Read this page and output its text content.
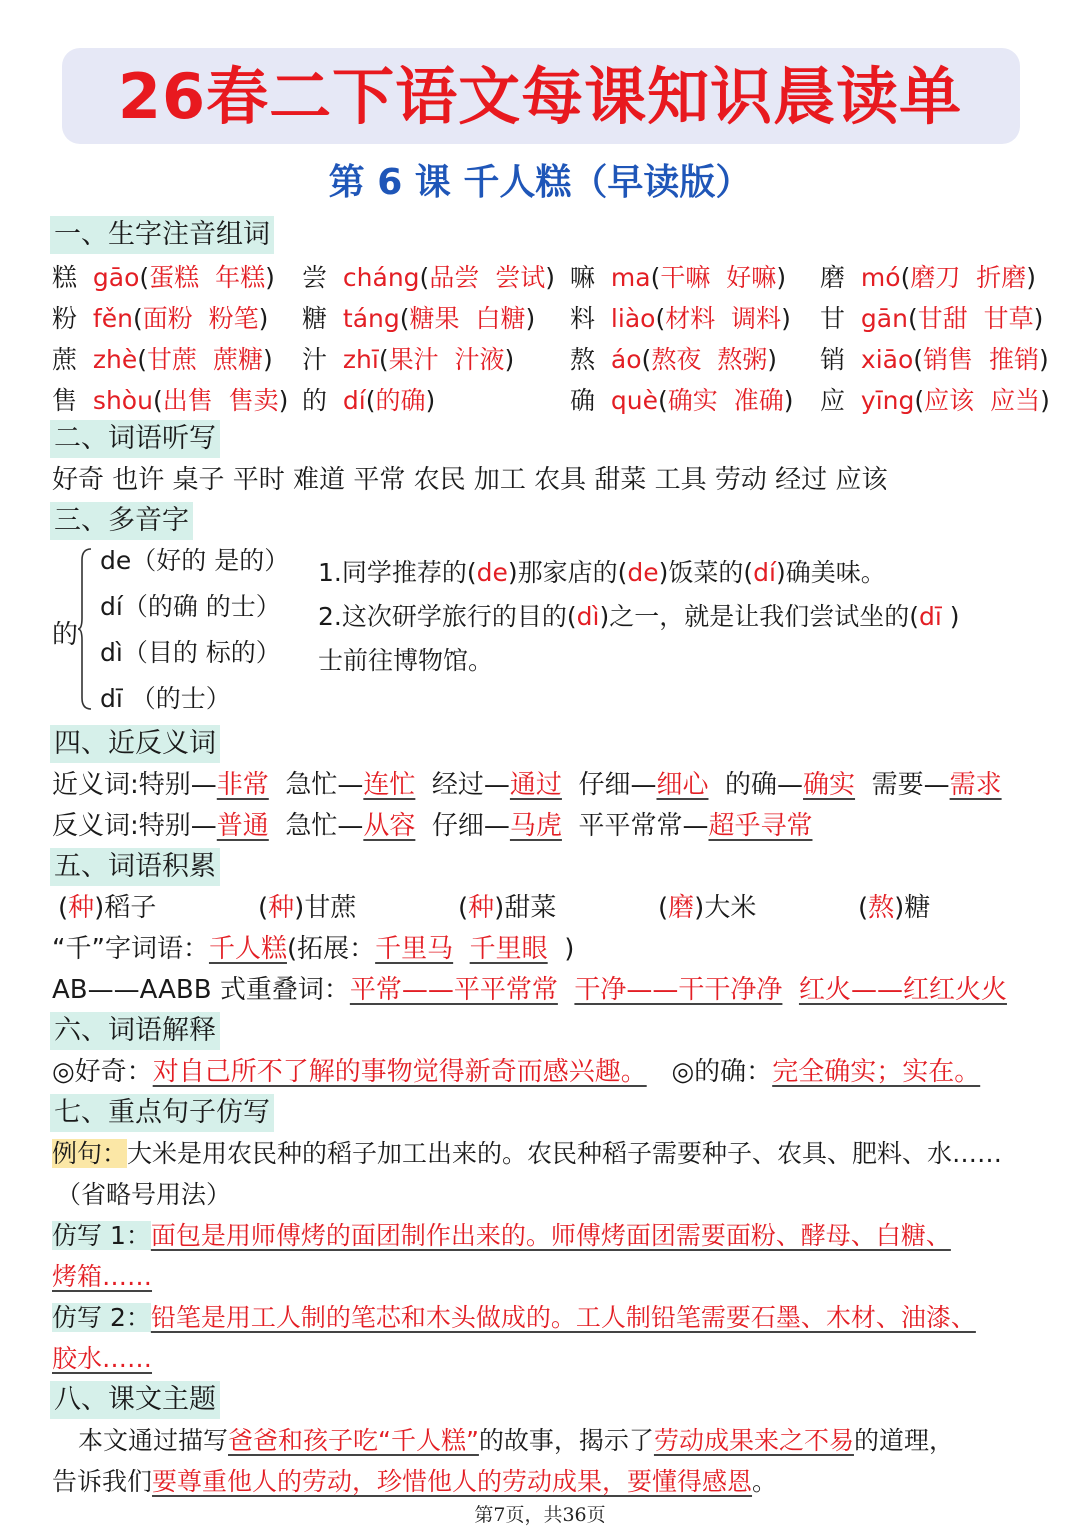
26春二下语文每课知识晨读单
第 6 课 千人糕（早读版）
一、生字注音组词
糕 gāo(蛋糕 年糕) 尝 cháng(品尝 尝试) 嘛 ma(干嘛 好嘛) 磨 mó(磨刀 折磨)
粉 fěn(面粉 粉笔) 糖 táng(糖果 白糖) 料 liào(材料 调料) 甘 gān(甘甜 甘草)
蔗 zhè(甘蔗 蔗糖) 汁 zhī(果汁 汁液) 熬 áo(熬夜 熬粥) 销 xiāo(销售 推销)
售 shòu(出售 售卖) 的 dí(的确)	确 què(确实 准确) 应 yīng(应该 应当)
二、词语听写
好奇 也许 桌子 平时 难道 平常 农民 加工 农具 甜菜 工具 劳动 经过 应该
三、多音字
的
de（好的 是的）
dí（的确 的士）
dì（目的 标的）
dī （的士）
1.同学推荐的(de)那家店的(de)饭菜的(dí)确美味。
2.这次研学旅行的目的(dì)之一，就是让我们尝试坐的(dī )
士前往博物馆。
四、近反义词
近义词:特别—非常 急忙—连忙 经过—通过 仔细—细心 的确—确实 需要—需求
反义词:特别—普通 急忙—从容 仔细—马虎 平平常常—超乎寻常
五、词语积累
(种)稻子	(种)甘蔗	(种)甜菜	(磨)大米	(熬)糖
“千”字词语：千人糕(拓展：千里马 千里眼 )
AB——AABB 式重叠词：平常——平平常常 干净——干干净净 红火——红红火火
六、词语解释
◎好奇：对自己所不了解的事物觉得新奇而感兴趣。 ◎的确：完全确实；实在。
七、重点句子仿写
例句：大米是用农民种的稻子加工出来的。农民种稻子需要种子、农具、肥料、水……
（省略号用法）
仿写 1：面包是用师傅烤的面团制作出来的。师傅烤面团需要面粉、酵母、白糖、
烤箱……
仿写 2：铅笔是用工人制的笔芯和木头做成的。工人制铅笔需要石墨、木材、油漆、
胶水……
八、课文主题
本文通过描写爸爸和孩子吃“千人糕”的故事，揭示了劳动成果来之不易的道理，
告诉我们要尊重他人的劳动，珍惜他人的劳动成果，要懂得感恩。
第7页，共36页
